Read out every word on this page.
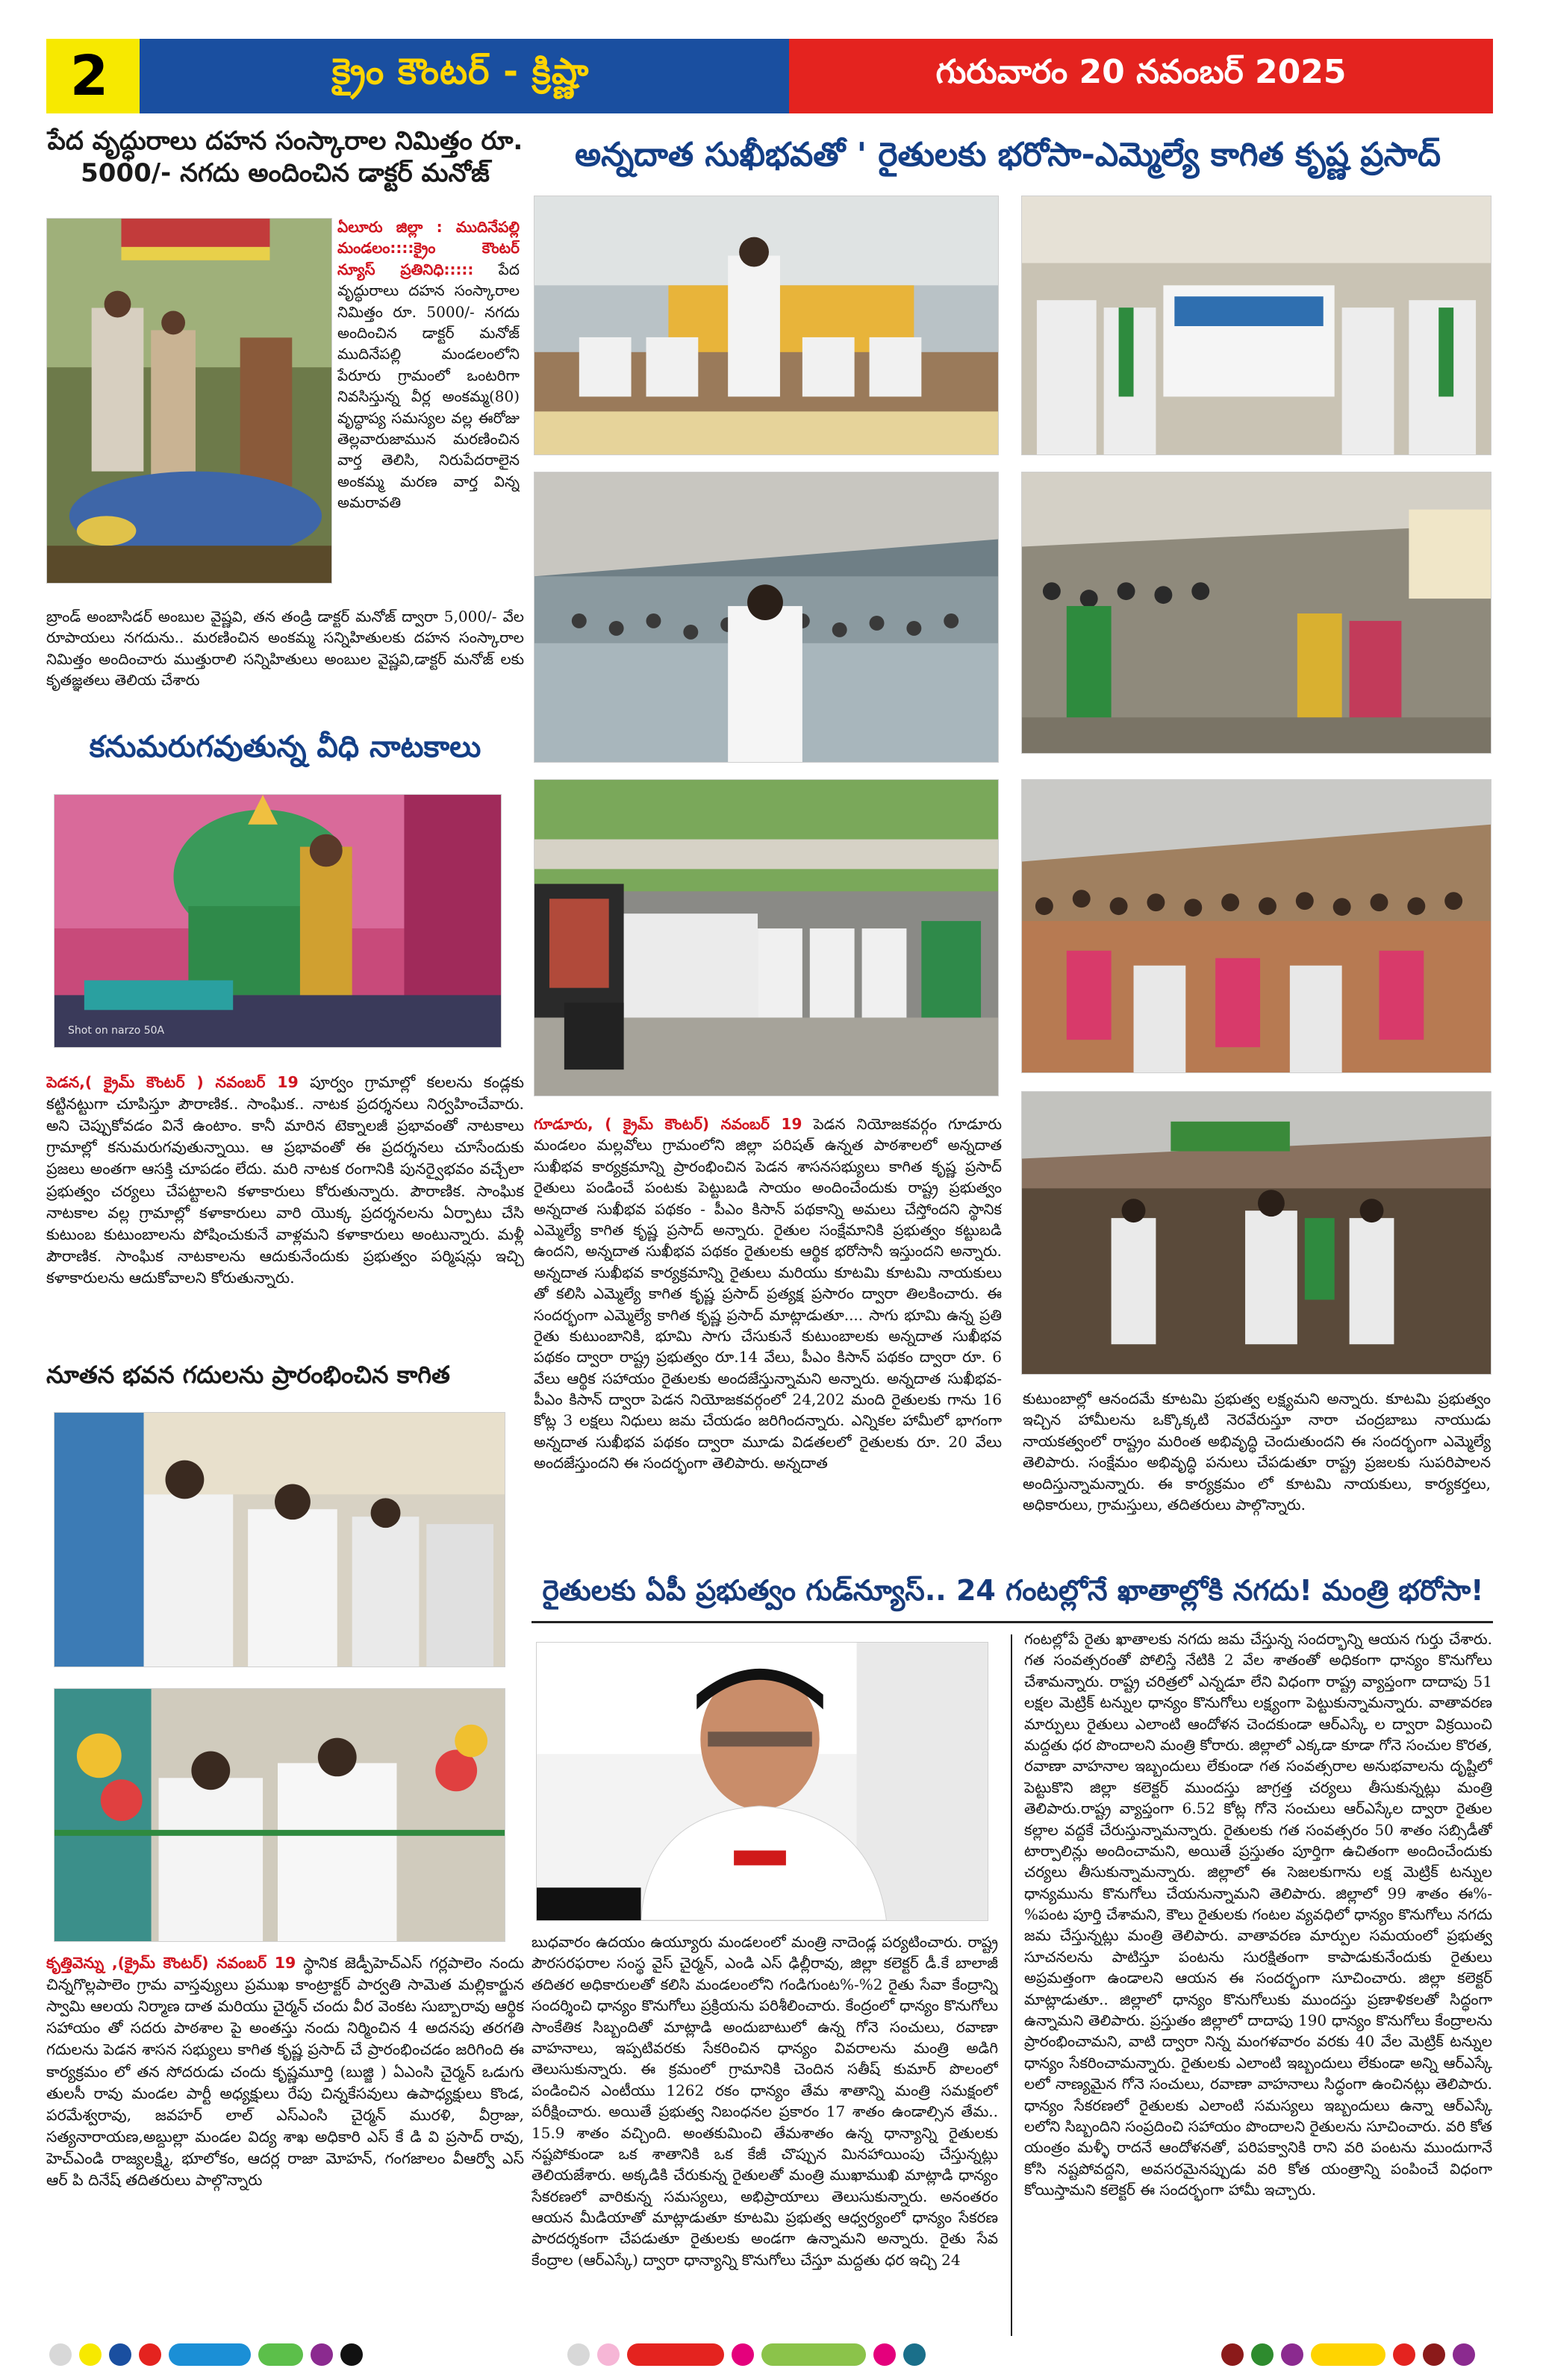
2	క్రైం కౌంటర్ - క్రిష్ణా	గురువారం 20 నవంబర్ 2025
పేద వృద్ధురాలు దహన సంస్కారాల నిమిత్తం రూ.
5000/- నగదు అందించిన డాక్టర్ మనోజ్
ఏలూరు జిల్లా : ముదినేపల్లి మండలం::::క్రైం కౌంటర్ న్యూస్ ప్రతినిధి::::: పేద వృద్ధురాలు దహన సంస్కారాల నిమిత్తం రూ. 5000/- నగదు అందించిన డాక్టర్ మనోజ్ ముదినేపల్లి మండలంలోని పేరూరు గ్రామంలో ఒంటరిగా నివసిస్తున్న వీర్ల అంకమ్మ(80) వృద్ధాప్య సమస్యల వల్ల ఈరోజు తెల్లవారుజామున మరణించిన వార్త తెలిసి, నిరుపేదరాలైన అంకమ్మ మరణ వార్త విన్న అమరావతి
బ్రాండ్ అంబాసిడర్ అంబుల వైష్ణవి, తన తండ్రి డాక్టర్ మనోజ్ ద్వారా 5,000/- వేల రూపాయలు నగదును.. మరణించిన అంకమ్మ సన్నిహితులకు దహన సంస్కారాల నిమిత్తం అందించారు ముత్తురాలి సన్నిహితులు అంబుల వైష్ణవి,డాక్టర్ మనోజ్ లకు కృతజ్ఞతలు తెలియ చేశారు
కనుమరుగవుతున్న వీధి నాటకాలు
Shot on narzo 50A
పెడన,( క్రైమ్ కౌంటర్ ) నవంబర్ 19 పూర్వం గ్రామాల్లో కలలను కండ్లకు కట్టినట్టుగా చూపిస్తూ పౌరాణిక.. సాంఘిక.. నాటక ప్రదర్శనలు నిర్వహించేవారు. అని చెప్పుకోవడం వినే ఉంటాం. కానీ మారిన టెక్నాలజీ ప్రభావంతో నాటకాలు గ్రామాల్లో కనుమరుగవుతున్నాయి. ఆ ప్రభావంతో ఈ ప్రదర్శనలు చూసేందుకు ప్రజలు అంతగా ఆసక్తి చూపడం లేదు. మరి నాటక రంగానికి పునర్వైభవం వచ్చేలా ప్రభుత్వం చర్యలు చేపట్టాలని కళాకారులు కోరుతున్నారు. పౌరాణిక. సాంఘిక నాటకాల వల్ల గ్రామాల్లో కళాకారులు వారి యొక్క ప్రదర్శనలను ఏర్పాటు చేసి కుటుంబ కుటుంబాలను పోషించుకునే వాళ్లమని కళాకారులు అంటున్నారు. మళ్లీ పౌరాణిక. సాంఘిక నాటకాలను ఆదుకునేందుకు ప్రభుత్వం పర్మిషన్లు ఇచ్చి కళాకారులను ఆదుకోవాలని కోరుతున్నారు.
నూతన భవన గదులను ప్రారంభించిన కాగిత
కృత్తివెన్ను ,(క్రైమ్ కౌంటర్) నవంబర్ 19 స్థానిక జెడ్పీహెచ్ఎస్ గర్లపాలెం నందు చిన్నగొల్లపాలెం గ్రామ వాస్తవ్యులు ప్రముఖ కాంట్రాక్టర్ పార్వతి సామెత మల్లికార్జున స్వామి ఆలయ నిర్మాణ దాత మరియు చైర్మన్ చందు వీర వెంకట సుబ్బారావు ఆర్థిక సహాయం తో సదరు పాఠశాల పై అంతస్తు నందు నిర్మించిన 4 అదనపు తరగతి గదులను పెడన శాసన సభ్యులు కాగిత కృష్ణ ప్రసాద్ చే ప్రారంభించడం జరిగింది ఈ కార్యక్రమం లో తన సోదరుడు చందు కృష్ణమూర్తి (బుజ్జి ) ఏఎంసి చైర్మన్ ఒడుగు తులసీ రావు మండల పార్టీ అధ్యక్షులు రేపు చిన్నకేసవులు ఉపాధ్యక్షులు కొండ, పరమేశ్వరావు, జవహర్ లాల్ ఎస్ఎంసి చైర్మన్ మురళి, వీర్రాజు, సత్యనారాయణ,అబ్దుల్లా మండల విద్య శాఖ అధికారి ఎస్ కే డి వి ప్రసాద్ రావు, హెచ్ఎండి రాజ్యలక్ష్మి, భూలోకం, ఆదర్ల రాజా మోహన్, గంగజాలం వీఆర్వో ఎస్ ఆర్ పి దినేష్ తదితరులు పాల్గొన్నారు
అన్నదాత సుఖీభవతో ' రైతులకు భరోసా-ఎమ్మెల్యే కాగిత కృష్ణ ప్రసాద్
గూడూరు, ( క్రైమ్ కౌంటర్) నవంబర్ 19 పెడన నియోజకవర్గం గూడూరు మండలం మల్లవోలు గ్రామంలోని జిల్లా పరిషత్ ఉన్నత పాఠశాలలో అన్నదాత సుఖీభవ కార్యక్రమాన్ని ప్రారంభించిన పెడన శాసనసభ్యులు కాగిత కృష్ణ ప్రసాద్ రైతులు పండించే పంటకు పెట్టుబడి సాయం అందించేందుకు రాష్ట్ర ప్రభుత్వం అన్నదాత సుఖీభవ పథకం - పీఎం కిసాన్ పథకాన్ని అమలు చేస్తోందని స్థానిక ఎమ్మెల్యే కాగిత కృష్ణ ప్రసాద్ అన్నారు. రైతుల సంక్షేమానికి ప్రభుత్వం కట్టుబడి ఉందని, అన్నదాత సుఖీభవ పథకం రైతులకు ఆర్థిక భరోసానీ ఇస్తుందని అన్నారు. అన్నదాత సుఖీభవ కార్యక్రమాన్ని రైతులు మరియు కూటమి కూటమి నాయకులు తో కలిసి ఎమ్మెల్యే కాగిత కృష్ణ ప్రసాద్ ప్రత్యక్ష ప్రసారం ద్వారా తిలకించారు. ఈ సందర్భంగా ఎమ్మెల్యే కాగిత కృష్ణ ప్రసాద్ మాట్లాడుతూ.... సాగు భూమి ఉన్న ప్రతి రైతు కుటుంబానికి, భూమి సాగు చేసుకునే కుటుంబాలకు అన్నదాత సుఖీభవ పథకం ద్వారా రాష్ట్ర ప్రభుత్వం రూ.14 వేలు, పీఎం కిసాన్ పథకం ద్వారా రూ. 6 వేలు ఆర్థిక సహాయం రైతులకు అందజేస్తున్నామని అన్నారు. అన్నదాత సుఖీభవ- పీఎం కిసాన్ ద్వారా పెడన నియోజకవర్గంలో 24,202 మంది రైతులకు గాను 16 కోట్ల 3 లక్షలు నిధులు జమ చేయడం జరిగిందన్నారు. ఎన్నికల హామీలో భాగంగా అన్నదాత సుఖీభవ పథకం ద్వారా మూడు విడతలలో రైతులకు రూ. 20 వేలు అందజేస్తుందని ఈ సందర్భంగా తెలిపారు. అన్నదాత
కుటుంబాల్లో ఆనందమే కూటమి ప్రభుత్వ లక్ష్యమని అన్నారు. కూటమి ప్రభుత్వం ఇచ్చిన హామీలను ఒక్కొక్కటి నెరవేరుస్తూ నారా చంద్రబాబు నాయుడు నాయకత్వంలో రాష్ట్రం మరింత అభివృద్ధి చెందుతుందని ఈ సందర్భంగా ఎమ్మెల్యే తెలిపారు. సంక్షేమం అభివృద్ధి పనులు చేపడుతూ రాష్ట్ర ప్రజలకు సుపరిపాలన అందిస్తున్నామన్నారు. ఈ కార్యక్రమం లో కూటమి నాయకులు, కార్యకర్తలు, అధికారులు, గ్రామస్తులు, తదితరులు పాల్గొన్నారు.
రైతులకు ఏపీ ప్రభుత్వం గుడ్‌న్యూస్.. 24 గంటల్లోనే ఖాతాల్లోకి నగదు! మంత్రి భరోసా!
బుధవారం ఉదయం ఉయ్యూరు మండలంలో మంత్రి నాదెండ్ల పర్యటించారు. రాష్ట్ర పౌరసరఫరాల సంస్థ వైస్ చైర్మన్, ఎండి ఎస్ ఢిల్లీరావు, జిల్లా కలెక్టర్ డీ.కే బాలాజీ తదితర అధికారులతో కలిసి మండలంలోని గండిగుంట%-%2 రైతు సేవా కేంద్రాన్ని సందర్శించి ధాన్యం కొనుగోలు ప్రక్రియను పరిశీలించారు. కేంద్రంలో ధాన్యం కొనుగోలు సాంకేతిక సిబ్బందితో మాట్లాడి అందుబాటులో ఉన్న గోనె సంచులు, రవాణా వాహనాలు, ఇప్పటివరకు సేకరించిన ధాన్యం వివరాలను మంత్రి అడిగి తెలుసుకున్నారు. ఈ క్రమంలో గ్రామానికి చెందిన సతీష్ కుమార్ పొలంలో పండించిన ఎంటీయు 1262 రకం ధాన్యం తేమ శాతాన్ని మంత్రి సమక్షంలో పరీక్షించారు. అయితే ప్రభుత్వ నిబంధనల ప్రకారం 17 శాతం ఉండాల్సిన తేమ.. 15.9 శాతం వచ్చింది. అంతకుమించి తేమశాతం ఉన్న ధాన్యాన్ని రైతులకు నష్టపోకుండా ఒక శాతానికి ఒక కేజీ చొప్పున మినహాయింపు చేస్తున్నట్లు తెలియజేశారు. అక్కడికి చేరుకున్న రైతులతో మంత్రి ముఖాముఖి మాట్లాడి ధాన్యం సేకరణలో వారికున్న సమస్యలు, అభిప్రాయాలు తెలుసుకున్నారు. అనంతరం ఆయన మీడియాతో మాట్లాడుతూ కూటమి ప్రభుత్వ ఆధ్వర్యంలో ధాన్యం సేకరణ పారదర్శకంగా చేపడుతూ రైతులకు అండగా ఉన్నామని అన్నారు. రైతు సేవ కేంద్రాల (ఆర్ఎస్కే) ద్వారా ధాన్యాన్ని కొనుగోలు చేస్తూ మద్దతు ధర ఇచ్చి 24
గంటల్లోపే రైతు ఖాతాలకు నగదు జమ చేస్తున్న సందర్భాన్ని ఆయన గుర్తు చేశారు. గత సంవత్సరంతో పోలిస్తే నేటికి 2 వేల శాతంతో అధికంగా ధాన్యం కొనుగోలు చేశామన్నారు. రాష్ట్ర చరిత్రలో ఎన్నడూ లేని విధంగా రాష్ట్ర వ్యాప్తంగా దాదాపు 51 లక్షల మెట్రిక్ టన్నుల ధాన్యం కొనుగోలు లక్ష్యంగా పెట్టుకున్నామన్నారు. వాతావరణ మార్పులు రైతులు ఎలాంటి ఆందోళన చెందకుండా ఆర్ఎస్కే ల ద్వారా విక్రయించి మద్దతు ధర పొందాలని మంత్రి కోరారు. జిల్లాలో ఎక్కడా కూడా గోనె సంచుల కొరత, రవాణా వాహనాల ఇబ్బందులు లేకుండా గత సంవత్సరాల అనుభవాలను దృష్టిలో పెట్టుకొని జిల్లా కలెక్టర్ ముందస్తు జాగ్రత్త చర్యలు తీసుకున్నట్లు మంత్రి తెలిపారు.రాష్ట్ర వ్యాప్తంగా 6.52 కోట్ల గోనె సంచులు ఆర్ఎస్కేల ద్వారా రైతుల కల్లాల వద్దకే చేరుస్తున్నామన్నారు. రైతులకు గత సంవత్సరం 50 శాతం సబ్సిడీతో టార్పాలిన్లు అందించామని, అయితే ప్రస్తుతం పూర్తిగా ఉచితంగా అందించేందుకు చర్యలు తీసుకున్నామన్నారు. జిల్లాలో ఈ సెజలకుగాను లక్ష మెట్రిక్ టన్నుల ధాన్యమును కొనుగోలు చేయనున్నామని తెలిపారు. జిల్లాలో 99 శాతం ఈ%-%పంట పూర్తి చేశామని, కౌలు రైతులకు గంటల వ్యవధిలో ధాన్యం కొనుగోలు నగదు జమ చేస్తున్నట్లు మంత్రి తెలిపారు. వాతావరణ మార్పుల సమయంలో ప్రభుత్వ సూచనలను పాటిస్తూ పంటను సురక్షితంగా కాపాడుకునేందుకు రైతులు అప్రమత్తంగా ఉండాలని ఆయన ఈ సందర్భంగా సూచించారు. జిల్లా కలెక్టర్ మాట్లాడుతూ.. జిల్లాలో ధాన్యం కొనుగోలుకు ముందస్తు ప్రణాళికలతో సిద్ధంగా ఉన్నామని తెలిపారు. ప్రస్తుతం జిల్లాలో దాదాపు 190 ధాన్యం కొనుగోలు కేంద్రాలను ప్రారంభించామని, వాటి ద్వారా నిన్న మంగళవారం వరకు 40 వేల మెట్రిక్ టన్నుల ధాన్యం సేకరించామన్నారు. రైతులకు ఎలాంటి ఇబ్బందులు లేకుండా అన్ని ఆర్ఎస్కే లలో నాణ్యమైన గోనె సంచులు, రవాణా వాహనాలు సిద్ధంగా ఉంచినట్లు తెలిపారు. ధాన్యం సేకరణలో రైతులకు ఎలాంటి సమస్యలు ఇబ్బందులు ఉన్నా ఆర్ఎస్కే లలోని సిబ్బందిని సంప్రదించి సహాయం పొందాలని రైతులను సూచించారు. వరి కోత యంత్రం మళ్ళీ రాదనే ఆందోళనతో, పరిపక్వానికి రాని వరి పంటను ముందుగానే కోసి నష్టపోవద్దని, అవసరమైనప్పుడు వరి కోత యంత్రాన్ని పంపించే విధంగా కోయిస్తామని కలెక్టర్ ఈ సందర్భంగా హామీ ఇచ్చారు.
